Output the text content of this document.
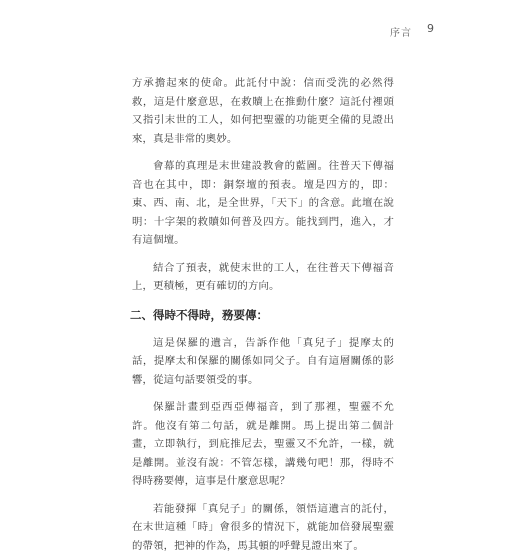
序言 9

方承擔起來的使命。此託付中說：信而受洗的必然得救，這是什麼意思，在救贖上在推動什麼？這託付裡頭又指引末世的工人，如何把聖靈的功能更全備的見證出來，真是非常的奧妙。

會幕的真理是末世建設教會的藍圖。往普天下傳福音也在其中，即：銅祭壇的預表。壇是四方的，即：東、西、南、北，是全世界，「天下」的含意。此壇在說明：十字架的救贖如何普及四方。能找到門，進入，才有這個壇。

結合了預表，就使末世的工人，在往普天下傳福音上，更積極，更有確切的方向。

二、得時不得時，務要傳：

這是保羅的遺言，告訴作他「真兒子」提摩太的話，提摩太和保羅的關係如同父子。自有這層關係的影響，從這句話要領受的事。

保羅計畫到亞西亞傳福音，到了那裡，聖靈不允許。他沒有第二句話，就是離開。馬上提出第二個計畫，立即執行，到庇推尼去，聖靈又不允許，一樣，就是離開。並沒有說：不管怎樣，講幾句吧！那，得時不得時務要傳，這事是什麼意思呢？

若能發揮「真兒子」的關係，領悟這遺言的託付，在末世這種「時」會很多的情況下，就能加倍發展聖靈的帶領，把神的作為，馬其頓的呼聲見證出來了。
